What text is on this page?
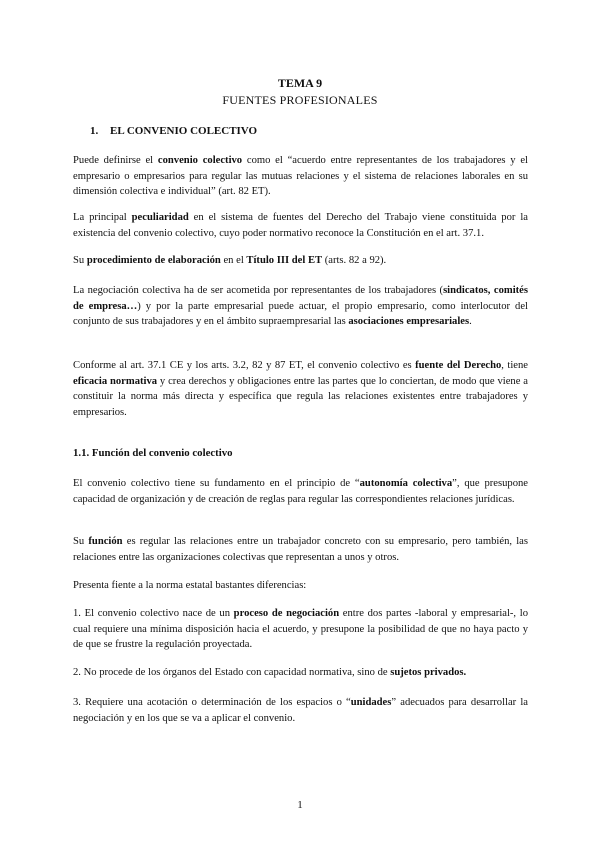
TEMA 9
FUENTES PROFESIONALES
1. EL CONVENIO COLECTIVO
Puede definirse el convenio colectivo como el “acuerdo entre representantes de los trabajadores y el empresario o empresarios para regular las mutuas relaciones y el sistema de relaciones laborales en su dimensión colectiva e individual” (art. 82 ET).
La principal peculiaridad en el sistema de fuentes del Derecho del Trabajo viene constituida por la existencia del convenio colectivo, cuyo poder normativo reconoce la Constitución en el art. 37.1.
Su procedimiento de elaboración en el Título III del ET (arts. 82 a 92).
La negociación colectiva ha de ser acometida por representantes de los trabajadores (sindicatos, comités de empresa…) y por la parte empresarial puede actuar, el propio empresario, como interlocutor del conjunto de sus trabajadores y en el ámbito supraempresarial las asociaciones empresariales.
Conforme al art. 37.1 CE y los arts. 3.2, 82 y 87 ET, el convenio colectivo es fuente del Derecho, tiene eficacia normativa y crea derechos y obligaciones entre las partes que lo conciertan, de modo que viene a constituir la norma más directa y específica que regula las relaciones existentes entre trabajadores y empresarios.
1.1. Función del convenio colectivo
El convenio colectivo tiene su fundamento en el principio de “autonomía colectiva”, que presupone capacidad de organización y de creación de reglas para regular las correspondientes relaciones jurídicas.
Su función es regular las relaciones entre un trabajador concreto con su empresario, pero también, las relaciones entre las organizaciones colectivas que representan a unos y otros.
Presenta fiente a la norma estatal bastantes diferencias:
1. El convenio colectivo nace de un proceso de negociación entre dos partes -laboral y empresarial-, lo cual requiere una mínima disposición hacia el acuerdo, y presupone la posibilidad de que no haya pacto y de que se frustre la regulación proyectada.
2. No procede de los órganos del Estado con capacidad normativa, sino de sujetos privados.
3. Requiere una acotación o determinación de los espacios o “unidades” adecuados para desarrollar la negociación y en los que se va a aplicar el convenio.
1
